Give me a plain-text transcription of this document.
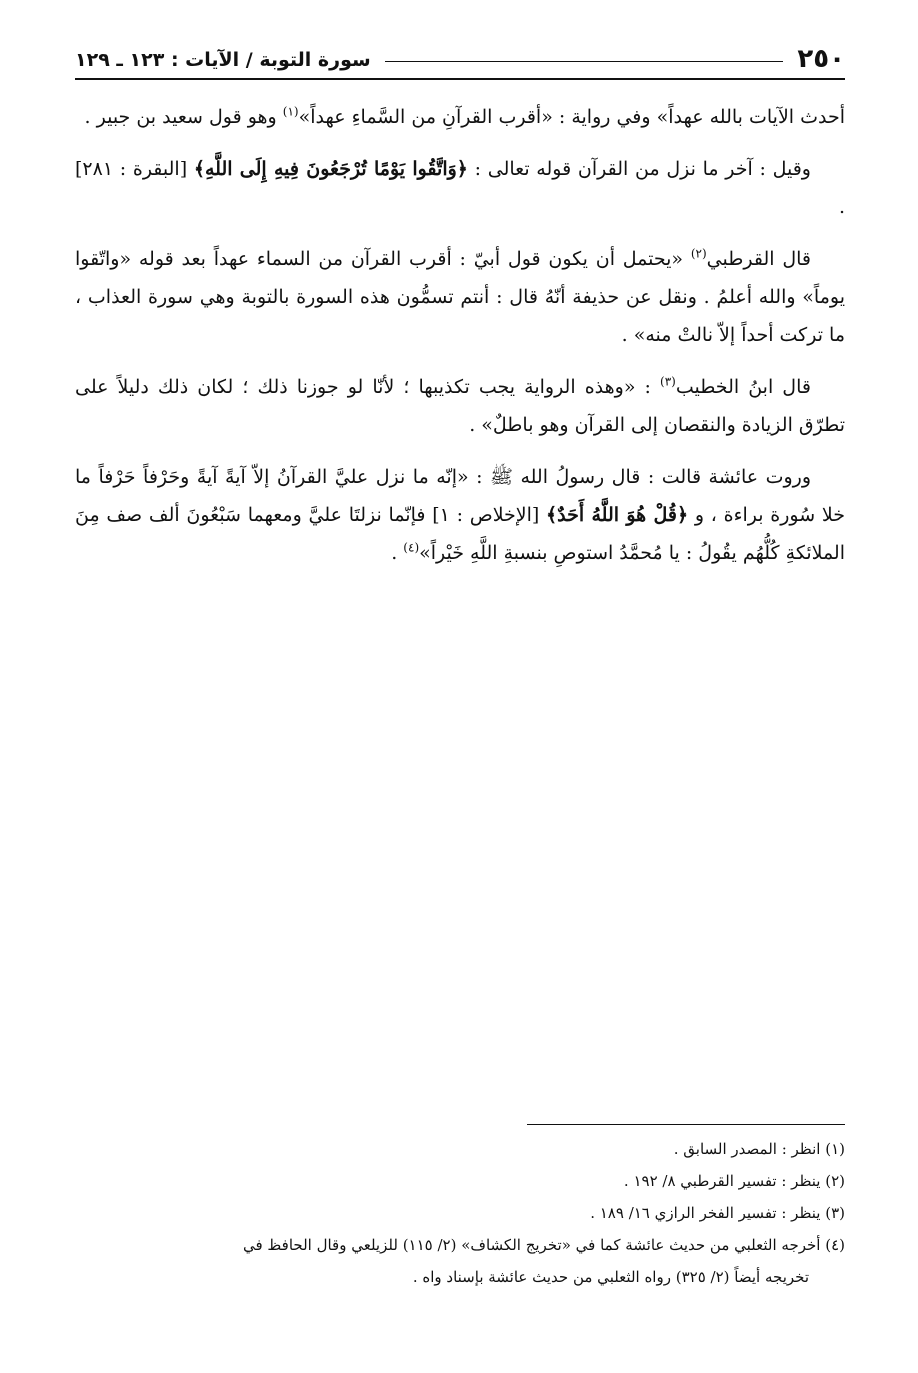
٢٥٠
سورة التوبة / الآيات : ١٢٣ ـ ١٢٩

أحدث الآيات بالله عهداً» وفي رواية : «أقرب القرآنِ من السَّماءِ عهداً»$^{(١)}$ وهو قول سعيد بن جبير .

وقيل : آخر ما نزل من القرآن قوله تعالى : ﴿وَاتَّقُوا يَوْمًا تُرْجَعُونَ فِيهِ إِلَى اللَّهِ﴾ [البقرة : ٢٨١] .

قال القرطبي$^{(٢)}$ «يحتمل أن يكون قول أبيّ : أقرب القرآن من السماء عهداً بعد قوله «واتّقوا يوماً» والله أعلمُ . ونقل عن حذيفة أنّهُ قال : أنتم تسمُّون هذه السورة بالتوبة وهي سورة العذاب ، ما تركت أحداً إلاّ نالتْ منه» .

قال ابنُ الخطيب$^{(٣)}$ : «وهذه الرواية يجب تكذيبها ؛ لأنّا لو جوزنا ذلك ؛ لكان ذلك دليلاً على تطرّق الزيادة والنقصان إلى القرآن وهو باطلٌ» .

وروت عائشة قالت : قال رسولُ الله ﷺ : «إنّه ما نزل عليَّ القرآنُ إلاّ آيةً آيةً وحَرْفاً حَرْفاً ما خلا سُورة براءة ، و ﴿قُلْ هُوَ اللَّهُ أَحَدٌ﴾ [الإخلاص : ١] فإنّما نزلتَا عليَّ ومعهما سَبْعُونَ ألف صف مِنَ الملائكةِ كُلُّهُم يقُولُ : يا مُحمَّدُ استوصِ بنسبةِ اللَّهِ خَيْراً»$^{(٤)}$ .

(١) انظر : المصدر السابق .

(٢) ينظر : تفسير القرطبي ٨/ ١٩٢ .

(٣) ينظر : تفسير الفخر الرازي ١٦/ ١٨٩ .

(٤) أخرجه الثعلبي من حديث عائشة كما في «تخريج الكشاف» (٢/ ١١٥) للزيلعي وقال الحافظ في

تخريجه أيضاً (٢/ ٣٢٥) رواه الثعلبي من حديث عائشة بإسناد واه .
